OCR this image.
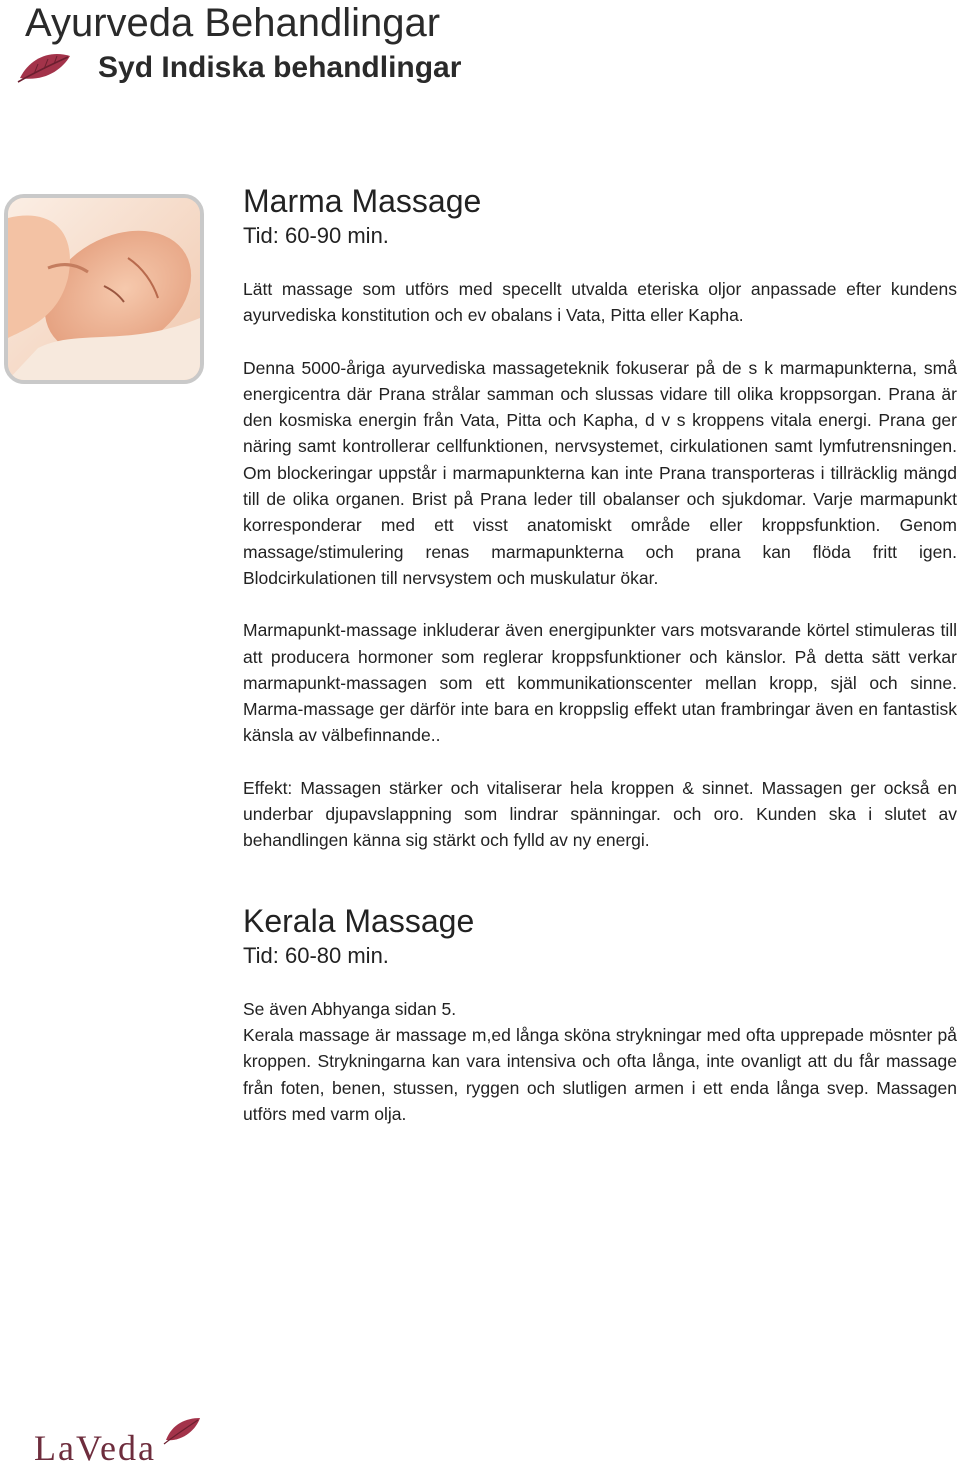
Ayurveda Behandlingar
Syd Indiska behandlingar
Marma Massage
Tid: 60-90 min.

Lätt massage som utförs med specellt utvalda eteriska oljor anpassade efter kundens ayurvediska konstitution och ev obalans i Vata, Pitta eller Kapha.

Denna 5000-åriga ayurvediska massageteknik fokuserar på de s k marmapunkterna, små energicentra där Prana strålar samman och slussas vidare till olika kroppsorgan. Prana är den kosmiska energin från Vata, Pitta och Kapha, d v s kroppens vitala energi. Prana ger näring samt kontrollerar cellfunktionen, nervsystemet, cirkulationen samt lymfutrensningen. Om blockeringar uppstår i marmapunkterna kan inte Prana transporteras i tillräcklig mängd till de olika organen. Brist på Prana leder till obalanser och sjukdomar. Varje marmapunkt korresponderar med ett visst anatomiskt område eller kroppsfunktion. Genom massage/stimulering renas marmapunkterna och prana kan flöda fritt igen. Blodcirkulationen till nervsystem och muskulatur ökar.

Marmapunkt-massage inkluderar även energipunkter vars motsvarande körtel stimuleras till att producera hormoner som reglerar kroppsfunktioner och känslor. På detta sätt verkar marmapunkt-massagen som ett kommunikationscenter mellan kropp, själ och sinne. Marma-massage ger därför inte bara en kroppslig effekt utan frambringar även en fantastisk känsla av välbefinnande..

Effekt: Massagen stärker och vitaliserar hela kroppen & sinnet. Massagen ger också en underbar djupavslappning som lindrar spänningar. och oro. Kunden ska i slutet av behandlingen känna sig stärkt och fylld av ny energi.

Kerala Massage
Tid: 60-80 min.

Se även Abhyanga sidan 5.

Kerala massage är massage m,ed långa sköna strykningar med ofta upprepade mösnter på kroppen. Strykningarna kan vara intensiva och ofta långa, inte ovanligt att du får massage från foten, benen, stussen, ryggen och slutligen armen i ett enda långa svep. Massagen utförs med varm olja.

LaVeda
